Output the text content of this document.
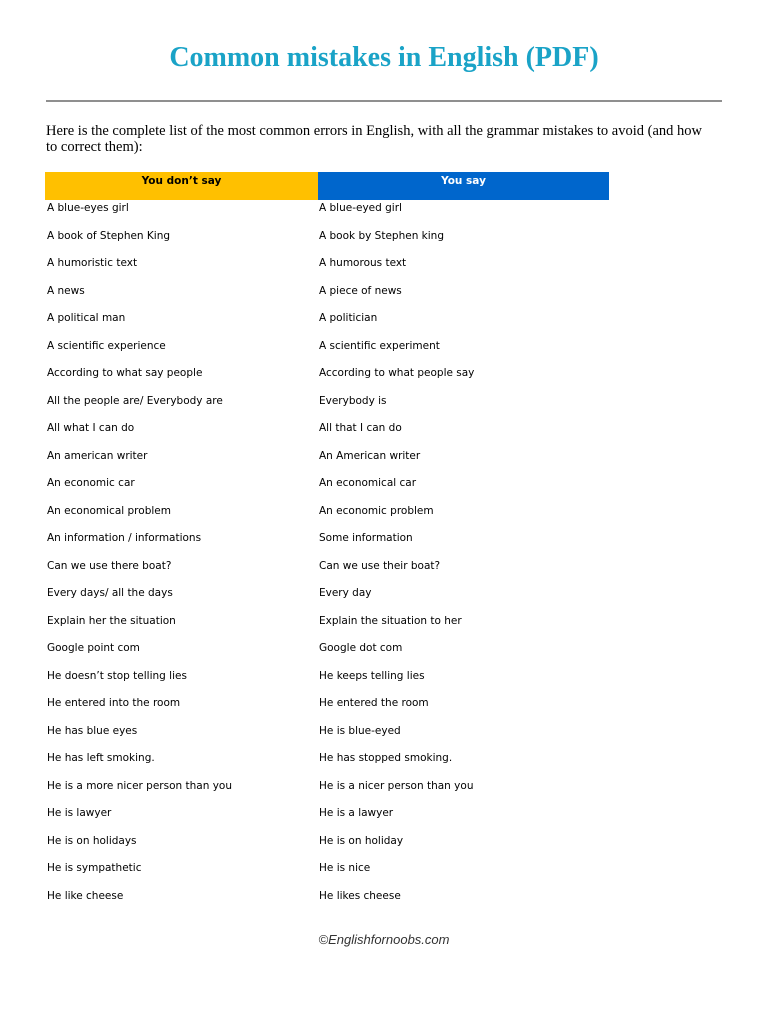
Common mistakes in English (PDF)
Here is the complete list of the most common errors in English, with all the grammar mistakes to avoid (and how to correct them):
You don’t say	You say
A blue-eyes girl	A blue-eyed girl
A book of Stephen King	A book by Stephen king
A humoristic text	A humorous text
A news	A piece of news
A political man	A politician
A scientific experience	A scientific experiment
According to what say people	According to what people say
All the people are/ Everybody are	Everybody is
All what I can do	All that I can do
An american writer	An American writer
An economic car	An economical car
An economical problem	An economic problem
An information / informations	Some information
Can we use there boat?	Can we use their boat?
Every days/ all the days	Every day
Explain her the situation	Explain the situation to her
Google point com	Google dot com
He doesn’t stop telling lies	He keeps telling lies
He entered into the room	He entered the room
He has blue eyes	He is blue-eyed
He has left smoking.	He has stopped smoking.
He is a more nicer person than you	He is a nicer person than you
He is lawyer	He is a lawyer
He is on holidays	He is on holiday
He is sympathetic	He is nice
He like cheese	He likes cheese
©Englishfornoobs.com
